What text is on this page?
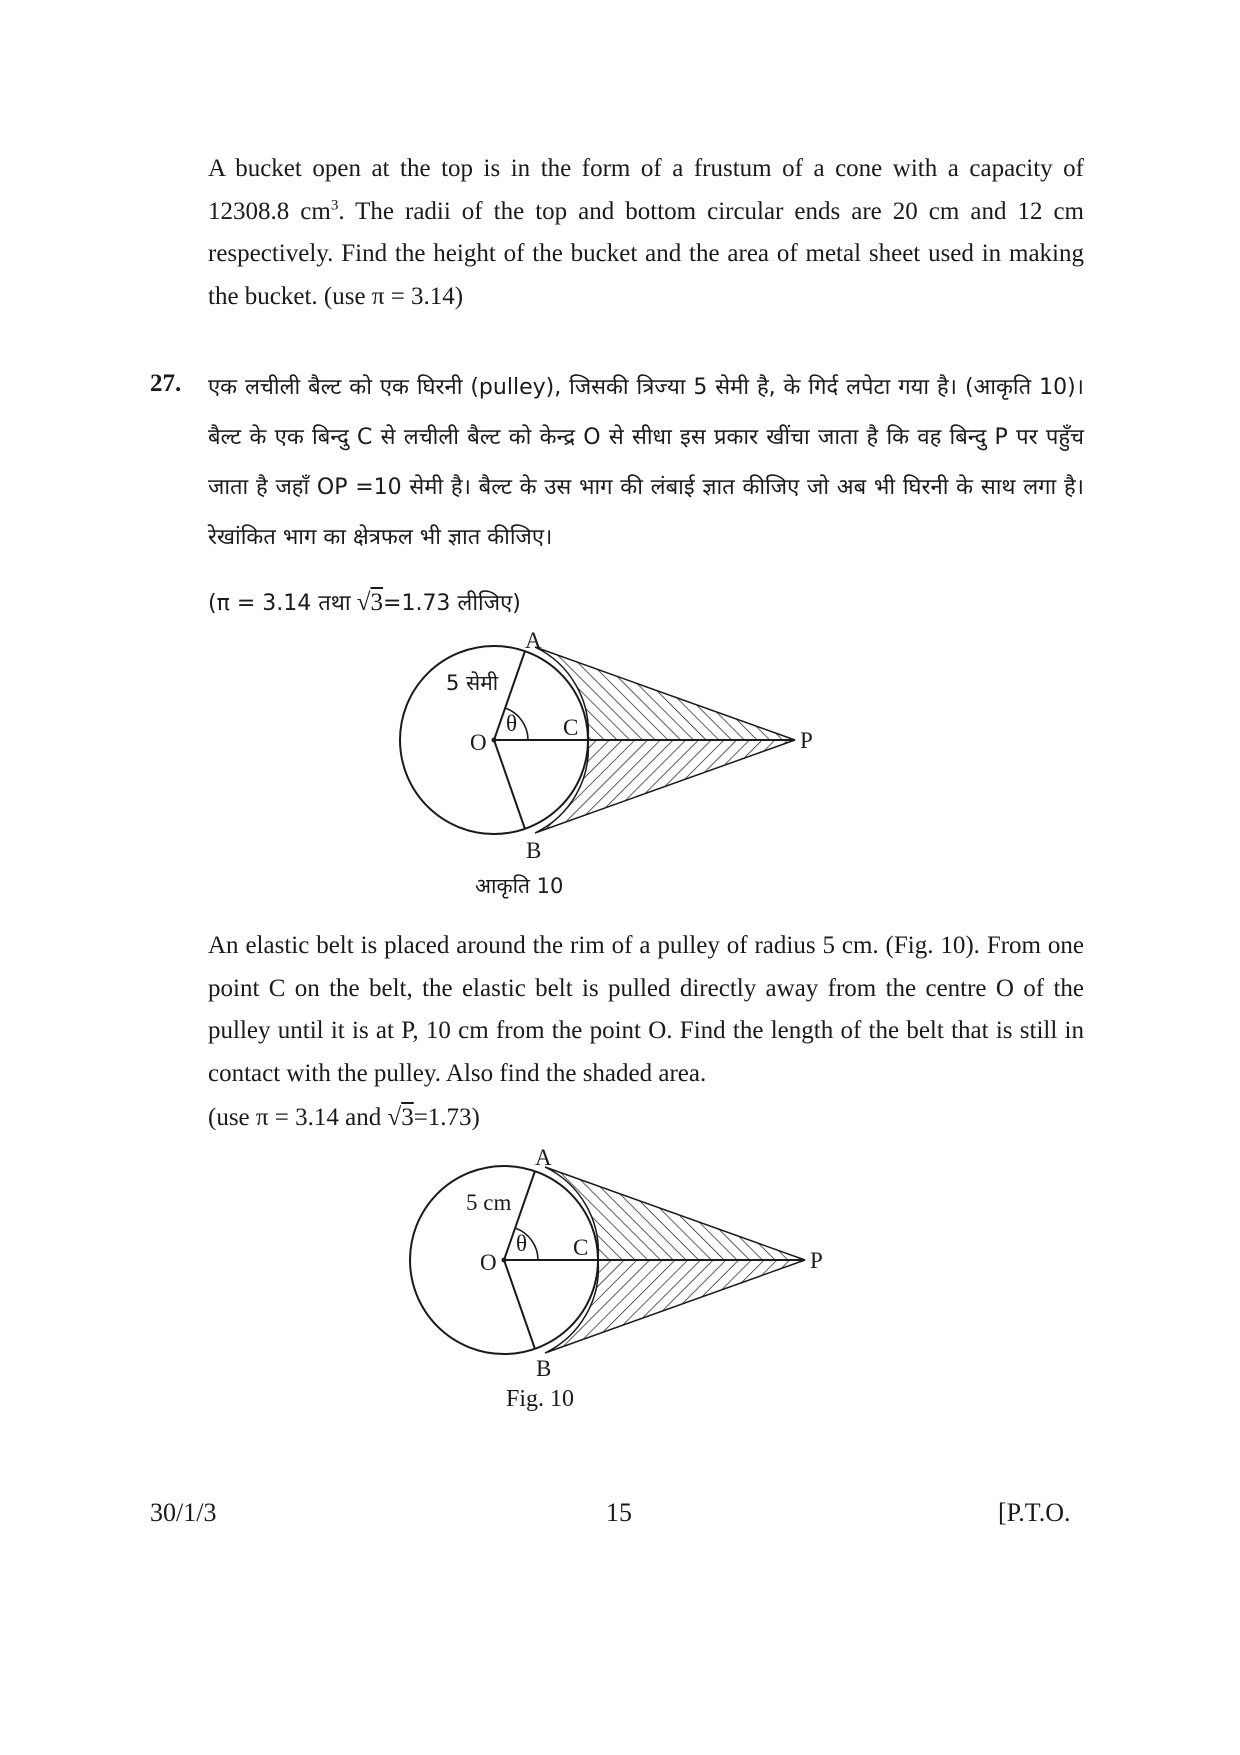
A bucket open at the top is in the form of a frustum of a cone with a capacity of 12308.8 $cm^3$. The radii of the top and bottom circular ends are 20 cm and 12 cm respectively. Find the height of the bucket and the area of metal sheet used in making the bucket. (use π = 3.14)

27. एक लचीली बैल्ट को एक घिरनी (pulley), जिसकी त्रिज्या 5 सेमी है, के गिर्द लपेटा गया है। (आकृति 10)। बैल्ट के एक बिन्दु C से लचीली बैल्ट को केन्द्र O से सीधा इस प्रकार खींचा जाता है कि वह बिन्दु P पर पहुँच जाता है जहाँ OP =10 सेमी है। बैल्ट के उस भाग की लंबाई ज्ञात कीजिए जो अब भी घिरनी के साथ लगा है। रेखांकित भाग का क्षेत्रफल भी ज्ञात कीजिए।

(π = 3.14 तथा √3=1.73 लीजिए)
A
B
C
O	P
5 सेमी
θ
आकृति 10

An elastic belt is placed around the rim of a pulley of radius 5 cm. (Fig. 10). From one point C on the belt, the elastic belt is pulled directly away from the centre O of the pulley until it is at P, 10 cm from the point O. Find the length of the belt that is still in contact with the pulley. Also find the shaded area.

(use π = 3.14 and √3=1.73)
A
B
C
O	P
5 cm
θ
Fig. 10
30/1/3	15	[P.T.O.
